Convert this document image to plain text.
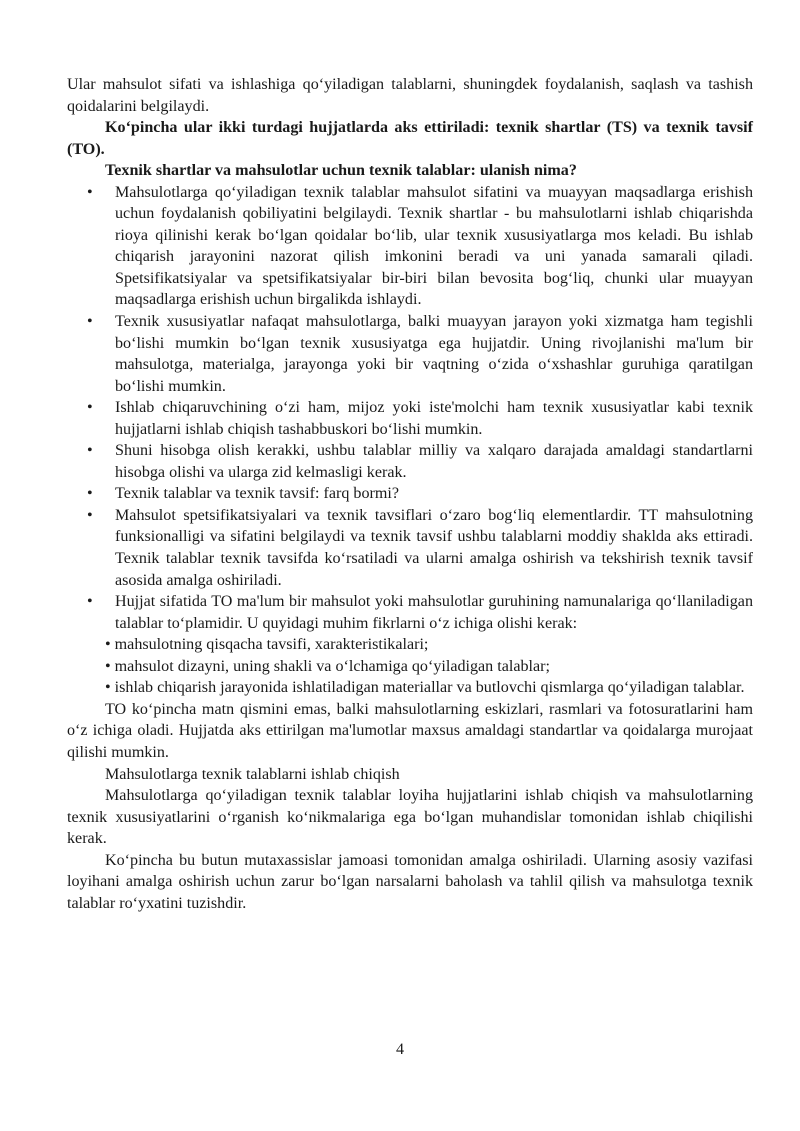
Ular mahsulot sifati va ishlashiga qo‘yiladigan talablarni, shuningdek foydalanish, saqlash va tashish qoidalarini belgilaydi.

Ko‘pincha ular ikki turdagi hujjatlarda aks ettiriladi: texnik shartlar (TS) va texnik tavsif (TO).

Texnik shartlar va mahsulotlar uchun texnik talablar: ulanish nima?

• Mahsulotlarga qo‘yiladigan texnik talablar mahsulot sifatini va muayyan maqsadlarga erishish uchun foydalanish qobiliyatini belgilaydi. Texnik shartlar - bu mahsulotlarni ishlab chiqarishda rioya qilinishi kerak bo‘lgan qoidalar bo‘lib, ular texnik xususiyatlarga mos keladi. Bu ishlab chiqarish jarayonini nazorat qilish imkonini beradi va uni yanada samarali qiladi. Spetsifikatsiyalar va spetsifikatsiyalar bir-biri bilan bevosita bog‘liq, chunki ular muayyan maqsadlarga erishish uchun birgalikda ishlaydi.
• Texnik xususiyatlar nafaqat mahsulotlarga, balki muayyan jarayon yoki xizmatga ham tegishli bo‘lishi mumkin bo‘lgan texnik xususiyatga ega hujjatdir. Uning rivojlanishi ma'lum bir mahsulotga, materialga, jarayonga yoki bir vaqtning o‘zida o‘xshashlar guruhiga qaratilgan bo‘lishi mumkin.
• Ishlab chiqaruvchining o‘zi ham, mijoz yoki iste'molchi ham texnik xususiyatlar kabi texnik hujjatlarni ishlab chiqish tashabbuskori bo‘lishi mumkin.
• Shuni hisobga olish kerakki, ushbu talablar milliy va xalqaro darajada amaldagi standartlarni hisobga olishi va ularga zid kelmasligi kerak.
• Texnik talablar va texnik tavsif: farq bormi?
• Mahsulot spetsifikatsiyalari va texnik tavsiflari o‘zaro bog‘liq elementlardir. TT mahsulotning funksionalligi va sifatini belgilaydi va texnik tavsif ushbu talablarni moddiy shaklda aks ettiradi. Texnik talablar texnik tavsifda ko‘rsatiladi va ularni amalga oshirish va tekshirish texnik tavsif asosida amalga oshiriladi.
• Hujjat sifatida TO ma'lum bir mahsulot yoki mahsulotlar guruhining namunalariga qo‘llaniladigan talablar to‘plamidir. U quyidagi muhim fikrlarni o‘z ichiga olishi kerak:

• mahsulotning qisqacha tavsifi, xarakteristikalari;

• mahsulot dizayni, uning shakli va o‘lchamiga qo‘yiladigan talablar;

• ishlab chiqarish jarayonida ishlatiladigan materiallar va butlovchi qismlarga qo‘yiladigan talablar.

TO ko‘pincha matn qismini emas, balki mahsulotlarning eskizlari, rasmlari va fotosuratlarini ham o‘z ichiga oladi. Hujjatda aks ettirilgan ma'lumotlar maxsus amaldagi standartlar va qoidalarga murojaat qilishi mumkin.

Mahsulotlarga texnik talablarni ishlab chiqish

Mahsulotlarga qo‘yiladigan texnik talablar loyiha hujjatlarini ishlab chiqish va mahsulotlarning texnik xususiyatlarini o‘rganish ko‘nikmalariga ega bo‘lgan muhandislar tomonidan ishlab chiqilishi kerak.

Ko‘pincha bu butun mutaxassislar jamoasi tomonidan amalga oshiriladi. Ularning asosiy vazifasi loyihani amalga oshirish uchun zarur bo‘lgan narsalarni baholash va tahlil qilish va mahsulotga texnik talablar ro‘yxatini tuzishdir.

4
